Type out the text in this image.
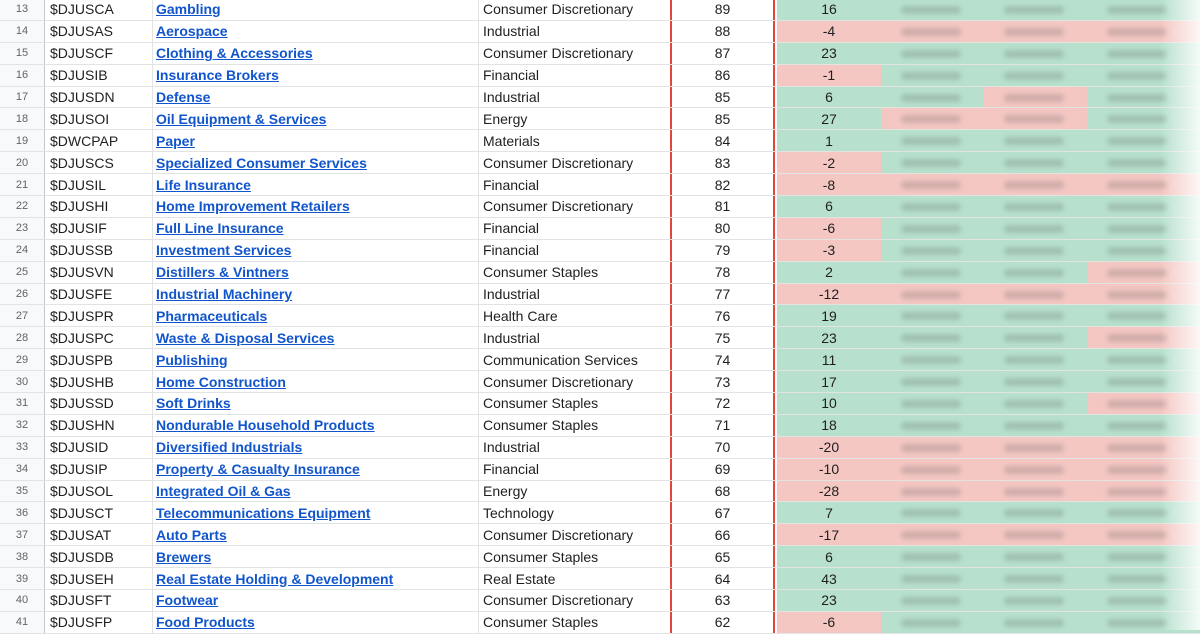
13	$DJUSCA	Gambling	Consumer Discretionary	89	16
14	$DJUSAS	Aerospace	Industrial	88	-4
15	$DJUSCF	Clothing & Accessories	Consumer Discretionary	87	23
16	$DJUSIB	Insurance Brokers	Financial	86	-1
17	$DJUSDN	Defense	Industrial	85	6
18	$DJUSOI	Oil Equipment & Services	Energy	85	27
19	$DWCPAP	Paper	Materials	84	1
20	$DJUSCS	Specialized Consumer Services	Consumer Discretionary	83	-2
21	$DJUSIL	Life Insurance	Financial	82	-8
22	$DJUSHI	Home Improvement Retailers	Consumer Discretionary	81	6
23	$DJUSIF	Full Line Insurance	Financial	80	-6
24	$DJUSSB	Investment Services	Financial	79	-3
25	$DJUSVN	Distillers & Vintners	Consumer Staples	78	2
26	$DJUSFE	Industrial Machinery	Industrial	77	-12
27	$DJUSPR	Pharmaceuticals	Health Care	76	19
28	$DJUSPC	Waste & Disposal Services	Industrial	75	23
29	$DJUSPB	Publishing	Communication Services	74	11
30	$DJUSHB	Home Construction	Consumer Discretionary	73	17
31	$DJUSSD	Soft Drinks	Consumer Staples	72	10
32	$DJUSHN	Nondurable Household Products	Consumer Staples	71	18
33	$DJUSID	Diversified Industrials	Industrial	70	-20
34	$DJUSIP	Property & Casualty Insurance	Financial	69	-10
35	$DJUSOL	Integrated Oil & Gas	Energy	68	-28
36	$DJUSCT	Telecommunications Equipment	Technology	67	7
37	$DJUSAT	Auto Parts	Consumer Discretionary	66	-17
38	$DJUSDB	Brewers	Consumer Staples	65	6
39	$DJUSEH	Real Estate Holding & Development	Real Estate	64	43
40	$DJUSFT	Footwear	Consumer Discretionary	63	23
41	$DJUSFP	Food Products	Consumer Staples	62	-6
